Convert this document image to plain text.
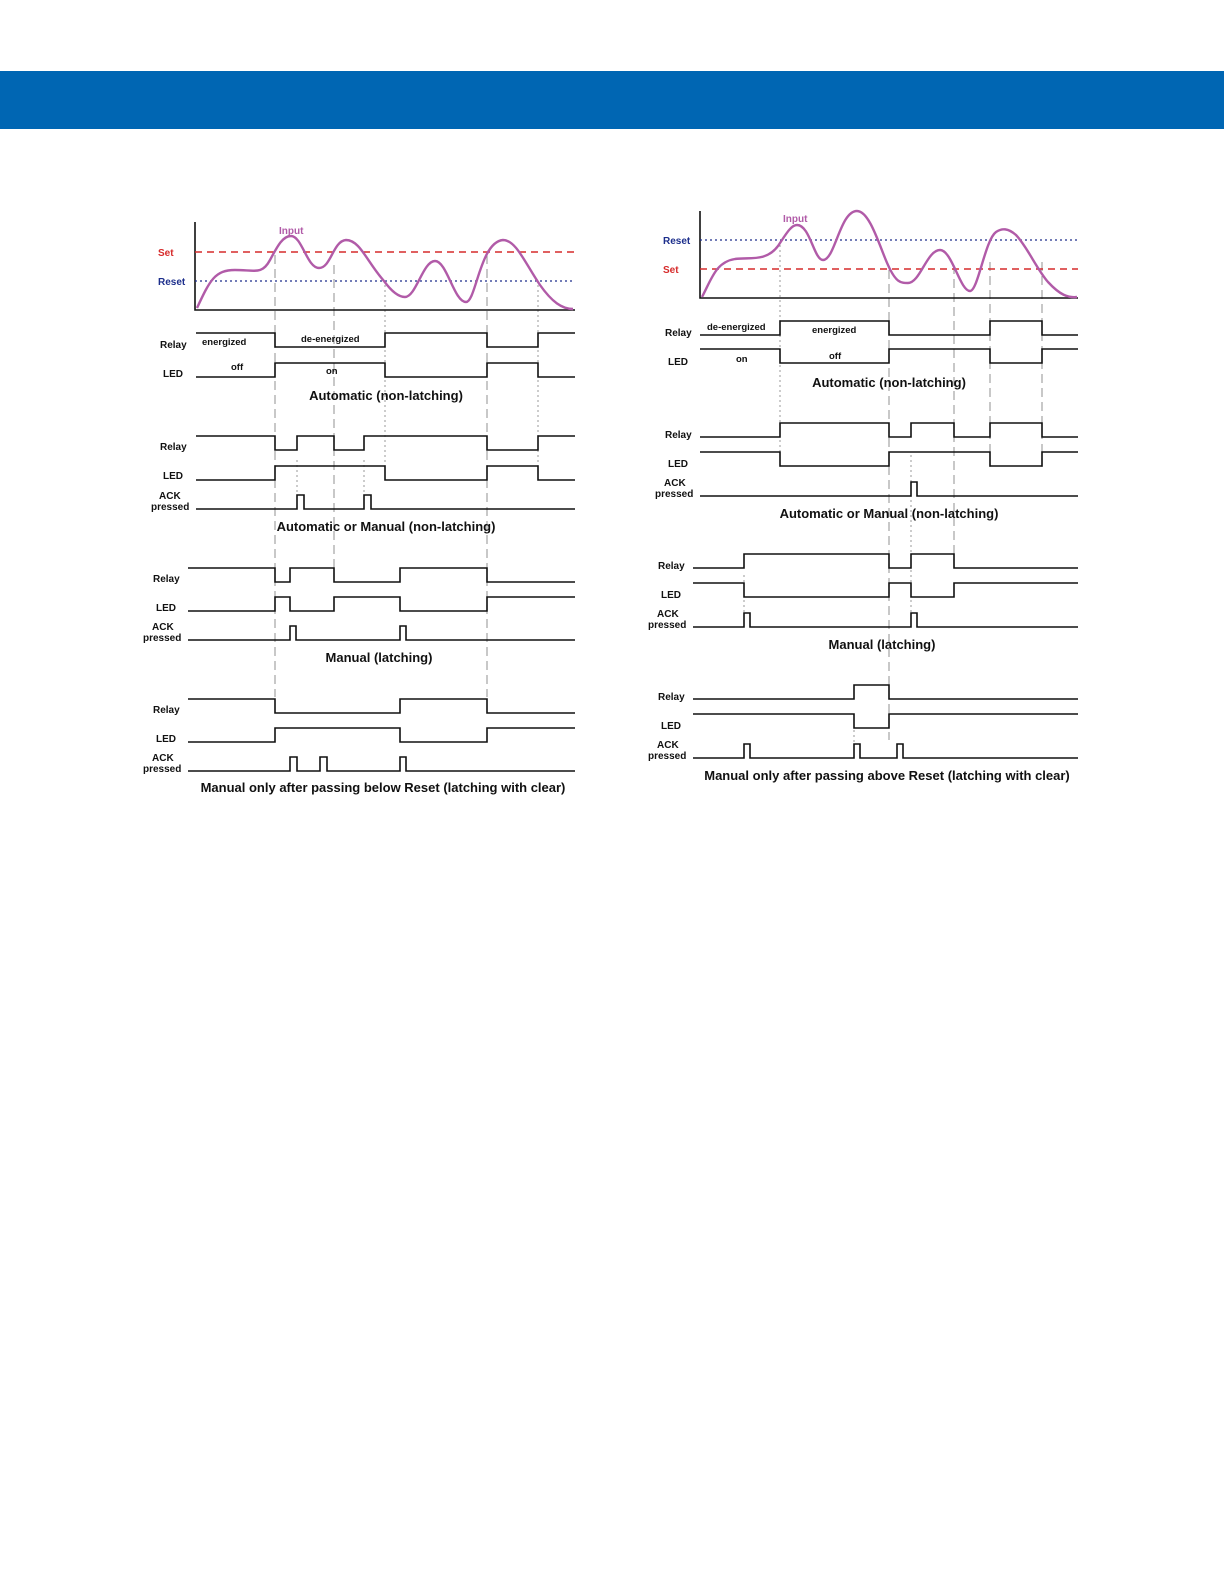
Input
Set
Reset
Relay
LED
energized	de-energized
off	on
Automatic (non-latching)
Relay
LED
ACK
pressed
Automatic or Manual (non-latching)
Relay
LED
ACK
pressed
Manual (latching)
Relay
LED
ACK
pressed
Manual only after passing below Reset (latching with clear)
Input
Reset
Set
Relay
LED
de-energized	energized
on	off
Automatic (non-latching)
Relay
LED
ACK
pressed
Automatic or Manual (non-latching)
Relay
LED
ACK
pressed
Manual (latching)
Relay
LED
ACK
pressed
Manual only after passing above Reset (latching with clear)
